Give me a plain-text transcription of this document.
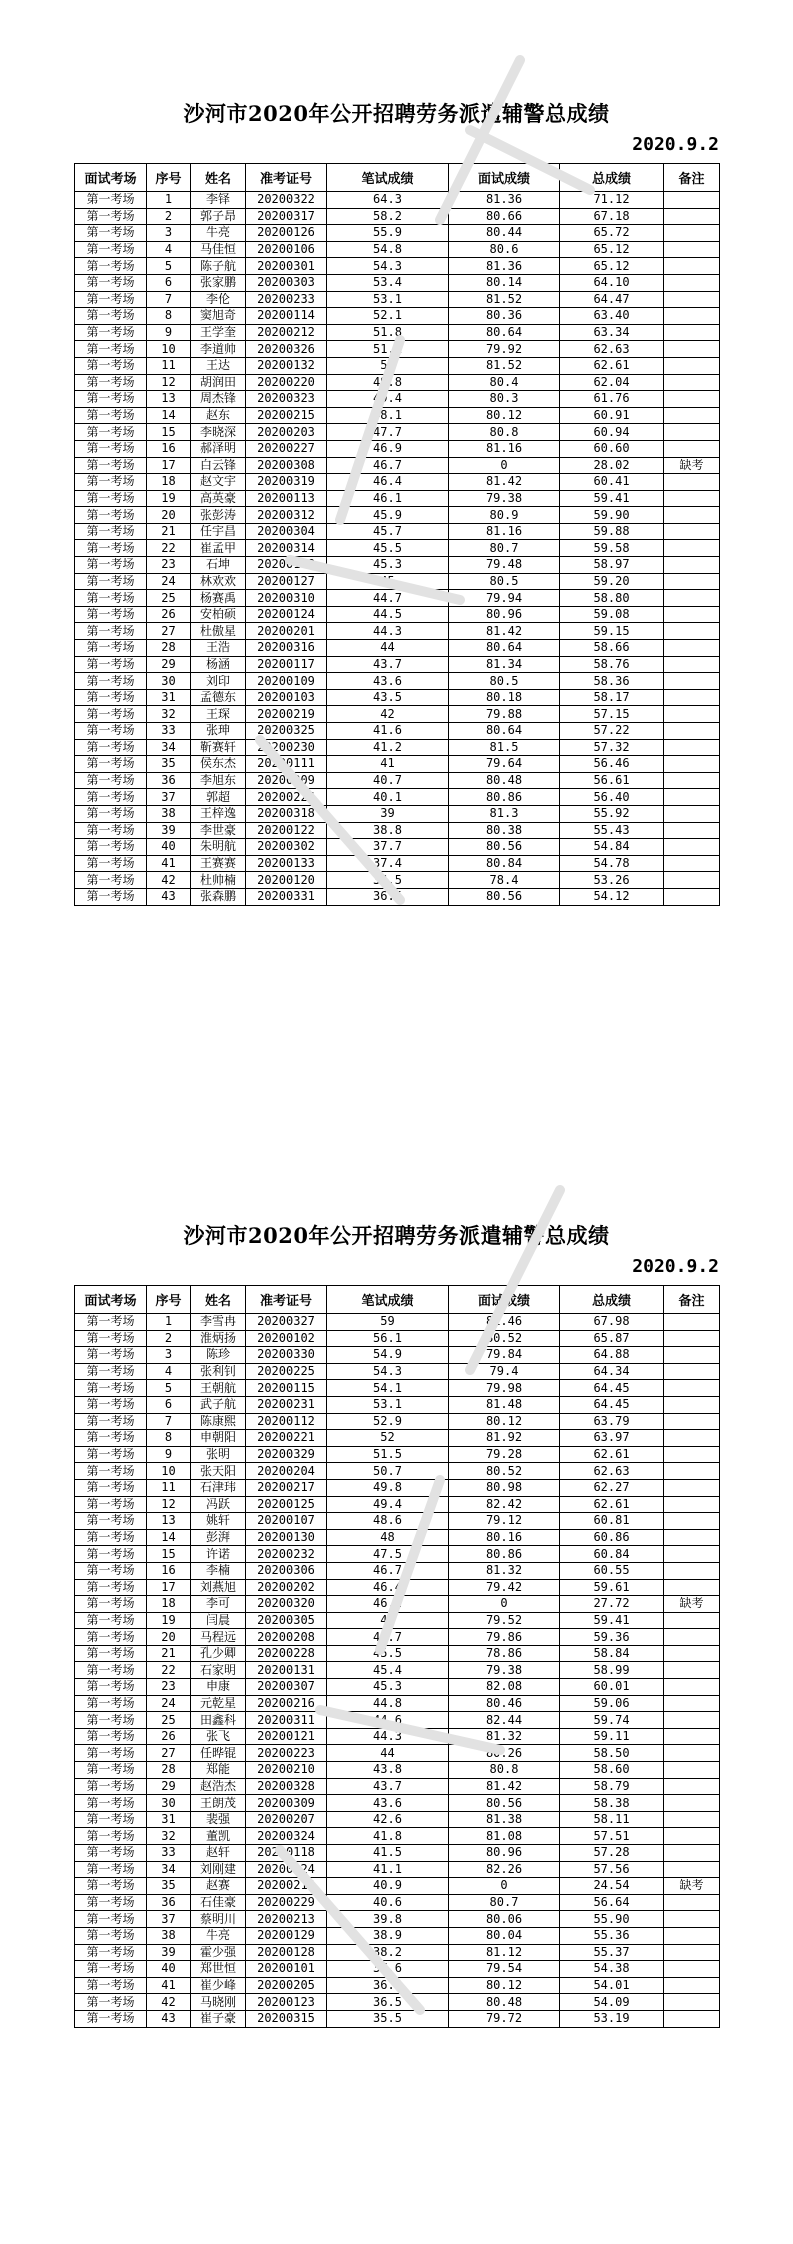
沙河市2020年公开招聘劳务派遣辅警总成绩
2020.9.2
面试考场	序号	姓名	准考证号	笔试成绩	面试成绩	总成绩	备注
第一考场	1	李铎	20200322	64.3	81.36	71.12	
第一考场	2	郭子昂	20200317	58.2	80.66	67.18	
第一考场	3	牛亮	20200126	55.9	80.44	65.72	
第一考场	4	马佳恒	20200106	54.8	80.6	65.12	
第一考场	5	陈子航	20200301	54.3	81.36	65.12	
第一考场	6	张家鹏	20200303	53.4	80.14	64.10	
第一考场	7	李伦	20200233	53.1	81.52	64.47	
第一考场	8	窦旭奇	20200114	52.1	80.36	63.40	
第一考场	9	王学奎	20200212	51.8	80.64	63.34	
第一考场	10	李道帅	20200326	51.1	79.92	62.63	
第一考场	11	王达	20200132	50	81.52	62.61	
第一考场	12	胡润田	20200220	49.8	80.4	62.04	
第一考场	13	周杰锋	20200323	49.4	80.3	61.76	
第一考场	14	赵东	20200215	48.1	80.12	60.91	
第一考场	15	李晓深	20200203	47.7	80.8	60.94	
第一考场	16	郝泽明	20200227	46.9	81.16	60.60	
第一考场	17	白云锋	20200308	46.7	0	28.02	缺考
第一考场	18	赵文宇	20200319	46.4	81.42	60.41	
第一考场	19	高英豪	20200113	46.1	79.38	59.41	
第一考场	20	张彭涛	20200312	45.9	80.9	59.90	
第一考场	21	任宇昌	20200304	45.7	81.16	59.88	
第一考场	22	崔孟甲	20200314	45.5	80.7	59.58	
第一考场	23	石坤	20200108	45.3	79.48	58.97	
第一考场	24	林欢欢	20200127	45	80.5	59.20	
第一考场	25	杨赛禹	20200310	44.7	79.94	58.80	
第一考场	26	安柏硕	20200124	44.5	80.96	59.08	
第一考场	27	杜傲星	20200201	44.3	81.42	59.15	
第一考场	28	王浩	20200316	44	80.64	58.66	
第一考场	29	杨涵	20200117	43.7	81.34	58.76	
第一考场	30	刘印	20200109	43.6	80.5	58.36	
第一考场	31	孟德东	20200103	43.5	80.18	58.17	
第一考场	32	王琛	20200219	42	79.88	57.15	
第一考场	33	张珅	20200325	41.6	80.64	57.22	
第一考场	34	靳赛轩	20200230	41.2	81.5	57.32	
第一考场	35	侯东杰	20200111	41	79.64	56.46	
第一考场	36	李旭东	20200209	40.7	80.48	56.61	
第一考场	37	郭超	20200226	40.1	80.86	56.40	
第一考场	38	王梓逸	20200318	39	81.3	55.92	
第一考场	39	李世豪	20200122	38.8	80.38	55.43	
第一考场	40	朱明航	20200302	37.7	80.56	54.84	
第一考场	41	王赛赛	20200133	37.4	80.84	54.78	
第一考场	42	杜帅楠	20200120	36.5	78.4	53.26	
第一考场	43	张森鹏	20200331	36.5	80.56	54.12	
沙河市2020年公开招聘劳务派遣辅警总成绩
2020.9.2
面试考场	序号	姓名	准考证号	笔试成绩	面试成绩	总成绩	备注
第一考场	1	李雪冉	20200327	59	81.46	67.98	
第一考场	2	淮炳扬	20200102	56.1	80.52	65.87	
第一考场	3	陈珍	20200330	54.9	79.84	64.88	
第一考场	4	张利钊	20200225	54.3	79.4	64.34	
第一考场	5	王朝航	20200115	54.1	79.98	64.45	
第一考场	6	武子航	20200231	53.1	81.48	64.45	
第一考场	7	陈康熙	20200112	52.9	80.12	63.79	
第一考场	8	申朝阳	20200221	52	81.92	63.97	
第一考场	9	张明	20200329	51.5	79.28	62.61	
第一考场	10	张天阳	20200204	50.7	80.52	62.63	
第一考场	11	石津玮	20200217	49.8	80.98	62.27	
第一考场	12	冯跃	20200125	49.4	82.42	62.61	
第一考场	13	姚轩	20200107	48.6	79.12	60.81	
第一考场	14	彭湃	20200130	48	80.16	60.86	
第一考场	15	许诺	20200232	47.5	80.86	60.84	
第一考场	16	李楠	20200306	46.7	81.32	60.55	
第一考场	17	刘燕旭	20200202	46.4	79.42	59.61	
第一考场	18	李可	20200320	46.2	0	27.72	缺考
第一考场	19	闫晨	20200305	46	79.52	59.41	
第一考场	20	马程远	20200208	45.7	79.86	59.36	
第一考场	21	孔少卿	20200228	45.5	78.86	58.84	
第一考场	22	石家明	20200131	45.4	79.38	58.99	
第一考场	23	申康	20200307	45.3	82.08	60.01	
第一考场	24	元乾星	20200216	44.8	80.46	59.06	
第一考场	25	田鑫科	20200311	44.6	82.44	59.74	
第一考场	26	张飞	20200121	44.3	81.32	59.11	
第一考场	27	任晔锟	20200223	44	80.26	58.50	
第一考场	28	郑能	20200210	43.8	80.8	58.60	
第一考场	29	赵浩杰	20200328	43.7	81.42	58.79	
第一考场	30	王朗茂	20200309	43.6	80.56	58.38	
第一考场	31	裴强	20200207	42.6	81.38	58.11	
第一考场	32	董凯	20200324	41.8	81.08	57.51	
第一考场	33	赵轩	20200118	41.5	80.96	57.28	
第一考场	34	刘刚建	20200224	41.1	82.26	57.56	
第一考场	35	赵赛	20200214	40.9	0	24.54	缺考
第一考场	36	石佳豪	20200229	40.6	80.7	56.64	
第一考场	37	蔡明川	20200213	39.8	80.06	55.90	
第一考场	38	牛亮	20200129	38.9	80.04	55.36	
第一考场	39	霍少强	20200128	38.2	81.12	55.37	
第一考场	40	郑世恒	20200101	37.6	79.54	54.38	
第一考场	41	崔少峰	20200205	36.6	80.12	54.01	
第一考场	42	马晓刚	20200123	36.5	80.48	54.09	
第一考场	43	崔子豪	20200315	35.5	79.72	53.19	
